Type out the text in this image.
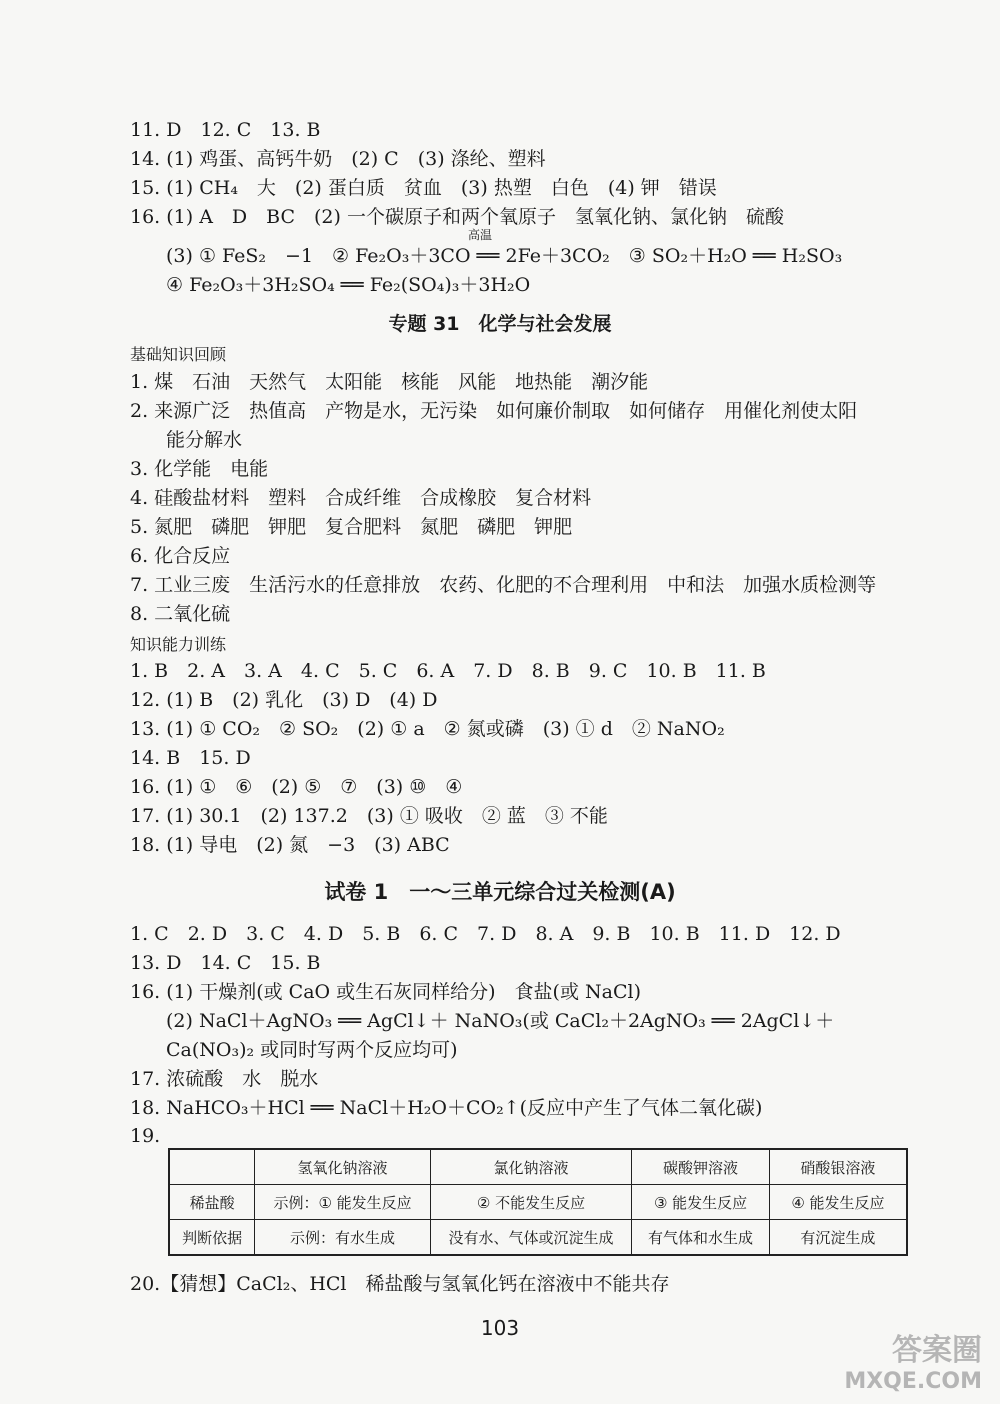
11. D　12. C　13. B
14. (1) 鸡蛋、高钙牛奶　(2) C　(3) 涤纶、塑料
15. (1) CH₄　大　(2) 蛋白质　贫血　(3) 热塑　白色　(4) 钾　错误
16. (1) A　D　BC　(2) 一个碳原子和两个氧原子　氢氧化钠、氯化钠　硫酸
(3) ① FeS₂　−1　② Fe₂O₃＋3CO ══ 2Fe＋3CO₂　③ SO₂＋H₂O ══ H₂SO₃
高温
④ Fe₂O₃＋3H₂SO₄ ══ Fe₂(SO₄)₃＋3H₂O
专题 31　化学与社会发展
基础知识回顾
1. 煤　石油　天然气　太阳能　核能　风能　地热能　潮汐能
2. 来源广泛　热值高　产物是水，无污染　如何廉价制取　如何储存　用催化剂使太阳
能分解水
3. 化学能　电能
4. 硅酸盐材料　塑料　合成纤维　合成橡胶　复合材料
5. 氮肥　磷肥　钾肥　复合肥料　氮肥　磷肥　钾肥
6. 化合反应
7. 工业三废　生活污水的任意排放　农药、化肥的不合理利用　中和法　加强水质检测等
8. 二氧化硫
知识能力训练
1. B　2. A　3. A　4. C　5. C　6. A　7. D　8. B　9. C　10. B　11. B
12. (1) B　(2) 乳化　(3) D　(4) D
13. (1) ① CO₂　② SO₂　(2) ① a　② 氮或磷　(3) ① d　② NaNO₂
14. B　15. D
16. (1) ①　⑥　(2) ⑤　⑦　(3) ⑩　④
17. (1) 30.1　(2) 137.2　(3) ① 吸收　② 蓝　③ 不能
18. (1) 导电　(2) 氮　−3　(3) ABC
试卷 1　一～三单元综合过关检测(A)
1. C　2. D　3. C　4. D　5. B　6. C　7. D　8. A　9. B　10. B　11. D　12. D
13. D　14. C　15. B
16. (1) 干燥剂(或 CaO 或生石灰同样给分)　食盐(或 NaCl)
(2) NaCl＋AgNO₃ ══ AgCl↓＋ NaNO₃(或 CaCl₂＋2AgNO₃ ══ 2AgCl↓＋
Ca(NO₃)₂ 或同时写两个反应均可)
17. 浓硫酸　水　脱水
18. NaHCO₃＋HCl ══ NaCl＋H₂O＋CO₂↑(反应中产生了气体二氧化碳)
19.
	氢氧化钠溶液	氯化钠溶液	碳酸钾溶液	硝酸银溶液
稀盐酸	示例：① 能发生反应	② 不能发生反应	③ 能发生反应	④ 能发生反应
判断依据	示例：有水生成	没有水、气体或沉淀生成	有气体和水生成	有沉淀生成
20.【猜想】CaCl₂、HCl　稀盐酸与氢氧化钙在溶液中不能共存
103
答案圈
MXQE.COM
